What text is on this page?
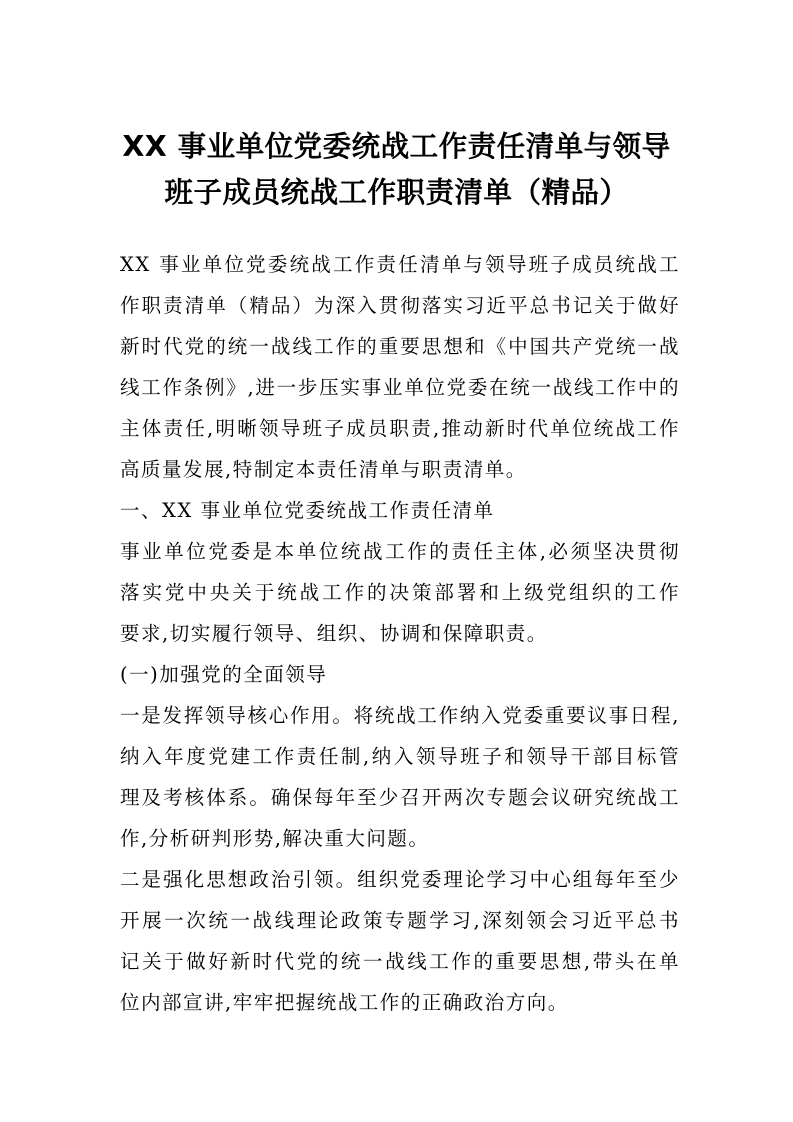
XX 事业单位党委统战工作责任清单与领导
班子成员统战工作职责清单（精品）
XX 事业单位党委统战工作责任清单与领导班子成员统战工
作职责清单（精品）为深入贯彻落实习近平总书记关于做好
新时代党的统一战线工作的重要思想和《中国共产党统一战
线工作条例》,进一步压实事业单位党委在统一战线工作中的
主体责任,明晰领导班子成员职责,推动新时代单位统战工作
高质量发展,特制定本责任清单与职责清单。
一、XX 事业单位党委统战工作责任清单
事业单位党委是本单位统战工作的责任主体,必须坚决贯彻
落实党中央关于统战工作的决策部署和上级党组织的工作
要求,切实履行领导、组织、协调和保障职责。
(一)加强党的全面领导
一是发挥领导核心作用。将统战工作纳入党委重要议事日程,
纳入年度党建工作责任制,纳入领导班子和领导干部目标管
理及考核体系。确保每年至少召开两次专题会议研究统战工
作,分析研判形势,解决重大问题。
二是强化思想政治引领。组织党委理论学习中心组每年至少
开展一次统一战线理论政策专题学习,深刻领会习近平总书
记关于做好新时代党的统一战线工作的重要思想,带头在单
位内部宣讲,牢牢把握统战工作的正确政治方向。
